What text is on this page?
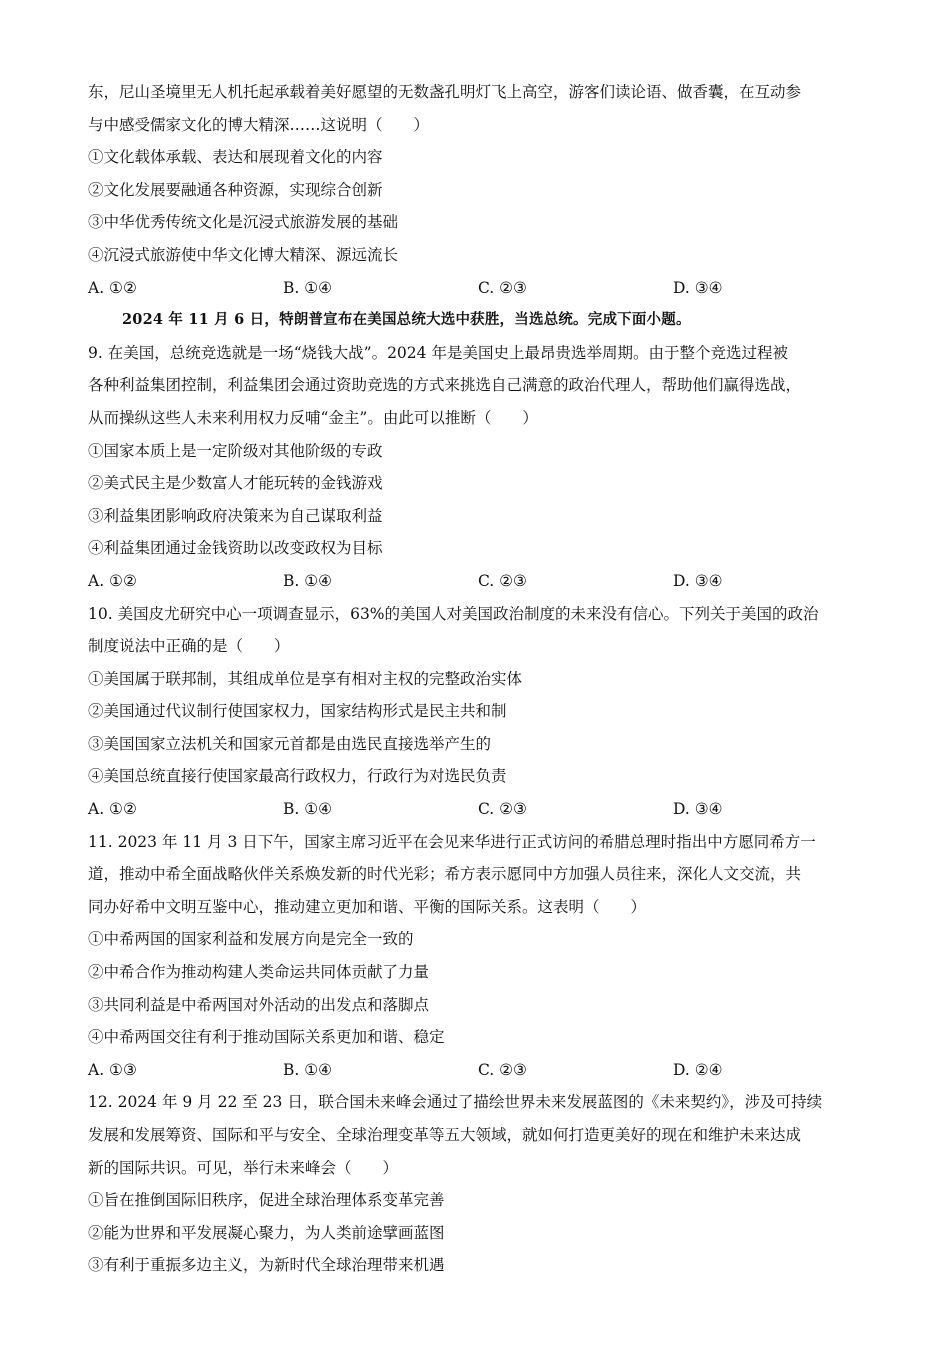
东，尼山圣境里无人机托起承载着美好愿望的无数盏孔明灯飞上高空，游客们读论语、做香囊，在互动参
与中感受儒家文化的博大精深……这说明（　　）
①文化载体承载、表达和展现着文化的内容
②文化发展要融通各种资源，实现综合创新
③中华优秀传统文化是沉浸式旅游发展的基础
④沉浸式旅游使中华文化博大精深、源远流长
A. ①②	B. ①④	C. ②③	D. ③④
2024 年 11 月 6 日，特朗普宣布在美国总统大选中获胜，当选总统。完成下面小题。
9. 在美国，总统竞选就是一场“烧钱大战”。2024 年是美国史上最昂贵选举周期。由于整个竞选过程被
各种利益集团控制，利益集团会通过资助竞选的方式来挑选自己满意的政治代理人，帮助他们赢得选战，
从而操纵这些人未来利用权力反哺“金主”。由此可以推断（　　）
①国家本质上是一定阶级对其他阶级的专政
②美式民主是少数富人才能玩转的金钱游戏
③利益集团影响政府决策来为自己谋取利益
④利益集团通过金钱资助以改变政权为目标
A. ①②	B. ①④	C. ②③	D. ③④
10. 美国皮尤研究中心一项调查显示，63%的美国人对美国政治制度的未来没有信心。下列关于美国的政治
制度说法中正确的是（　　）
①美国属于联邦制，其组成单位是享有相对主权的完整政治实体
②美国通过代议制行使国家权力，国家结构形式是民主共和制
③美国国家立法机关和国家元首都是由选民直接选举产生的
④美国总统直接行使国家最高行政权力，行政行为对选民负责
A. ①②	B. ①④	C. ②③	D. ③④
11. 2023 年 11 月 3 日下午，国家主席习近平在会见来华进行正式访问的希腊总理时指出中方愿同希方一
道，推动中希全面战略伙伴关系焕发新的时代光彩；希方表示愿同中方加强人员往来，深化人文交流，共
同办好希中文明互鉴中心，推动建立更加和谐、平衡的国际关系。这表明（　　）
①中希两国的国家利益和发展方向是完全一致的
②中希合作为推动构建人类命运共同体贡献了力量
③共同利益是中希两国对外活动的出发点和落脚点
④中希两国交往有利于推动国际关系更加和谐、稳定
A. ①③	B. ①④	C. ②③	D. ②④
12. 2024 年 9 月 22 至 23 日，联合国未来峰会通过了描绘世界未来发展蓝图的《未来契约》，涉及可持续
发展和发展筹资、国际和平与安全、全球治理变革等五大领域，就如何打造更美好的现在和维护未来达成
新的国际共识。可见，举行未来峰会（　　）
①旨在推倒国际旧秩序，促进全球治理体系变革完善
②能为世界和平发展凝心聚力，为人类前途擘画蓝图
③有利于重振多边主义，为新时代全球治理带来机遇
